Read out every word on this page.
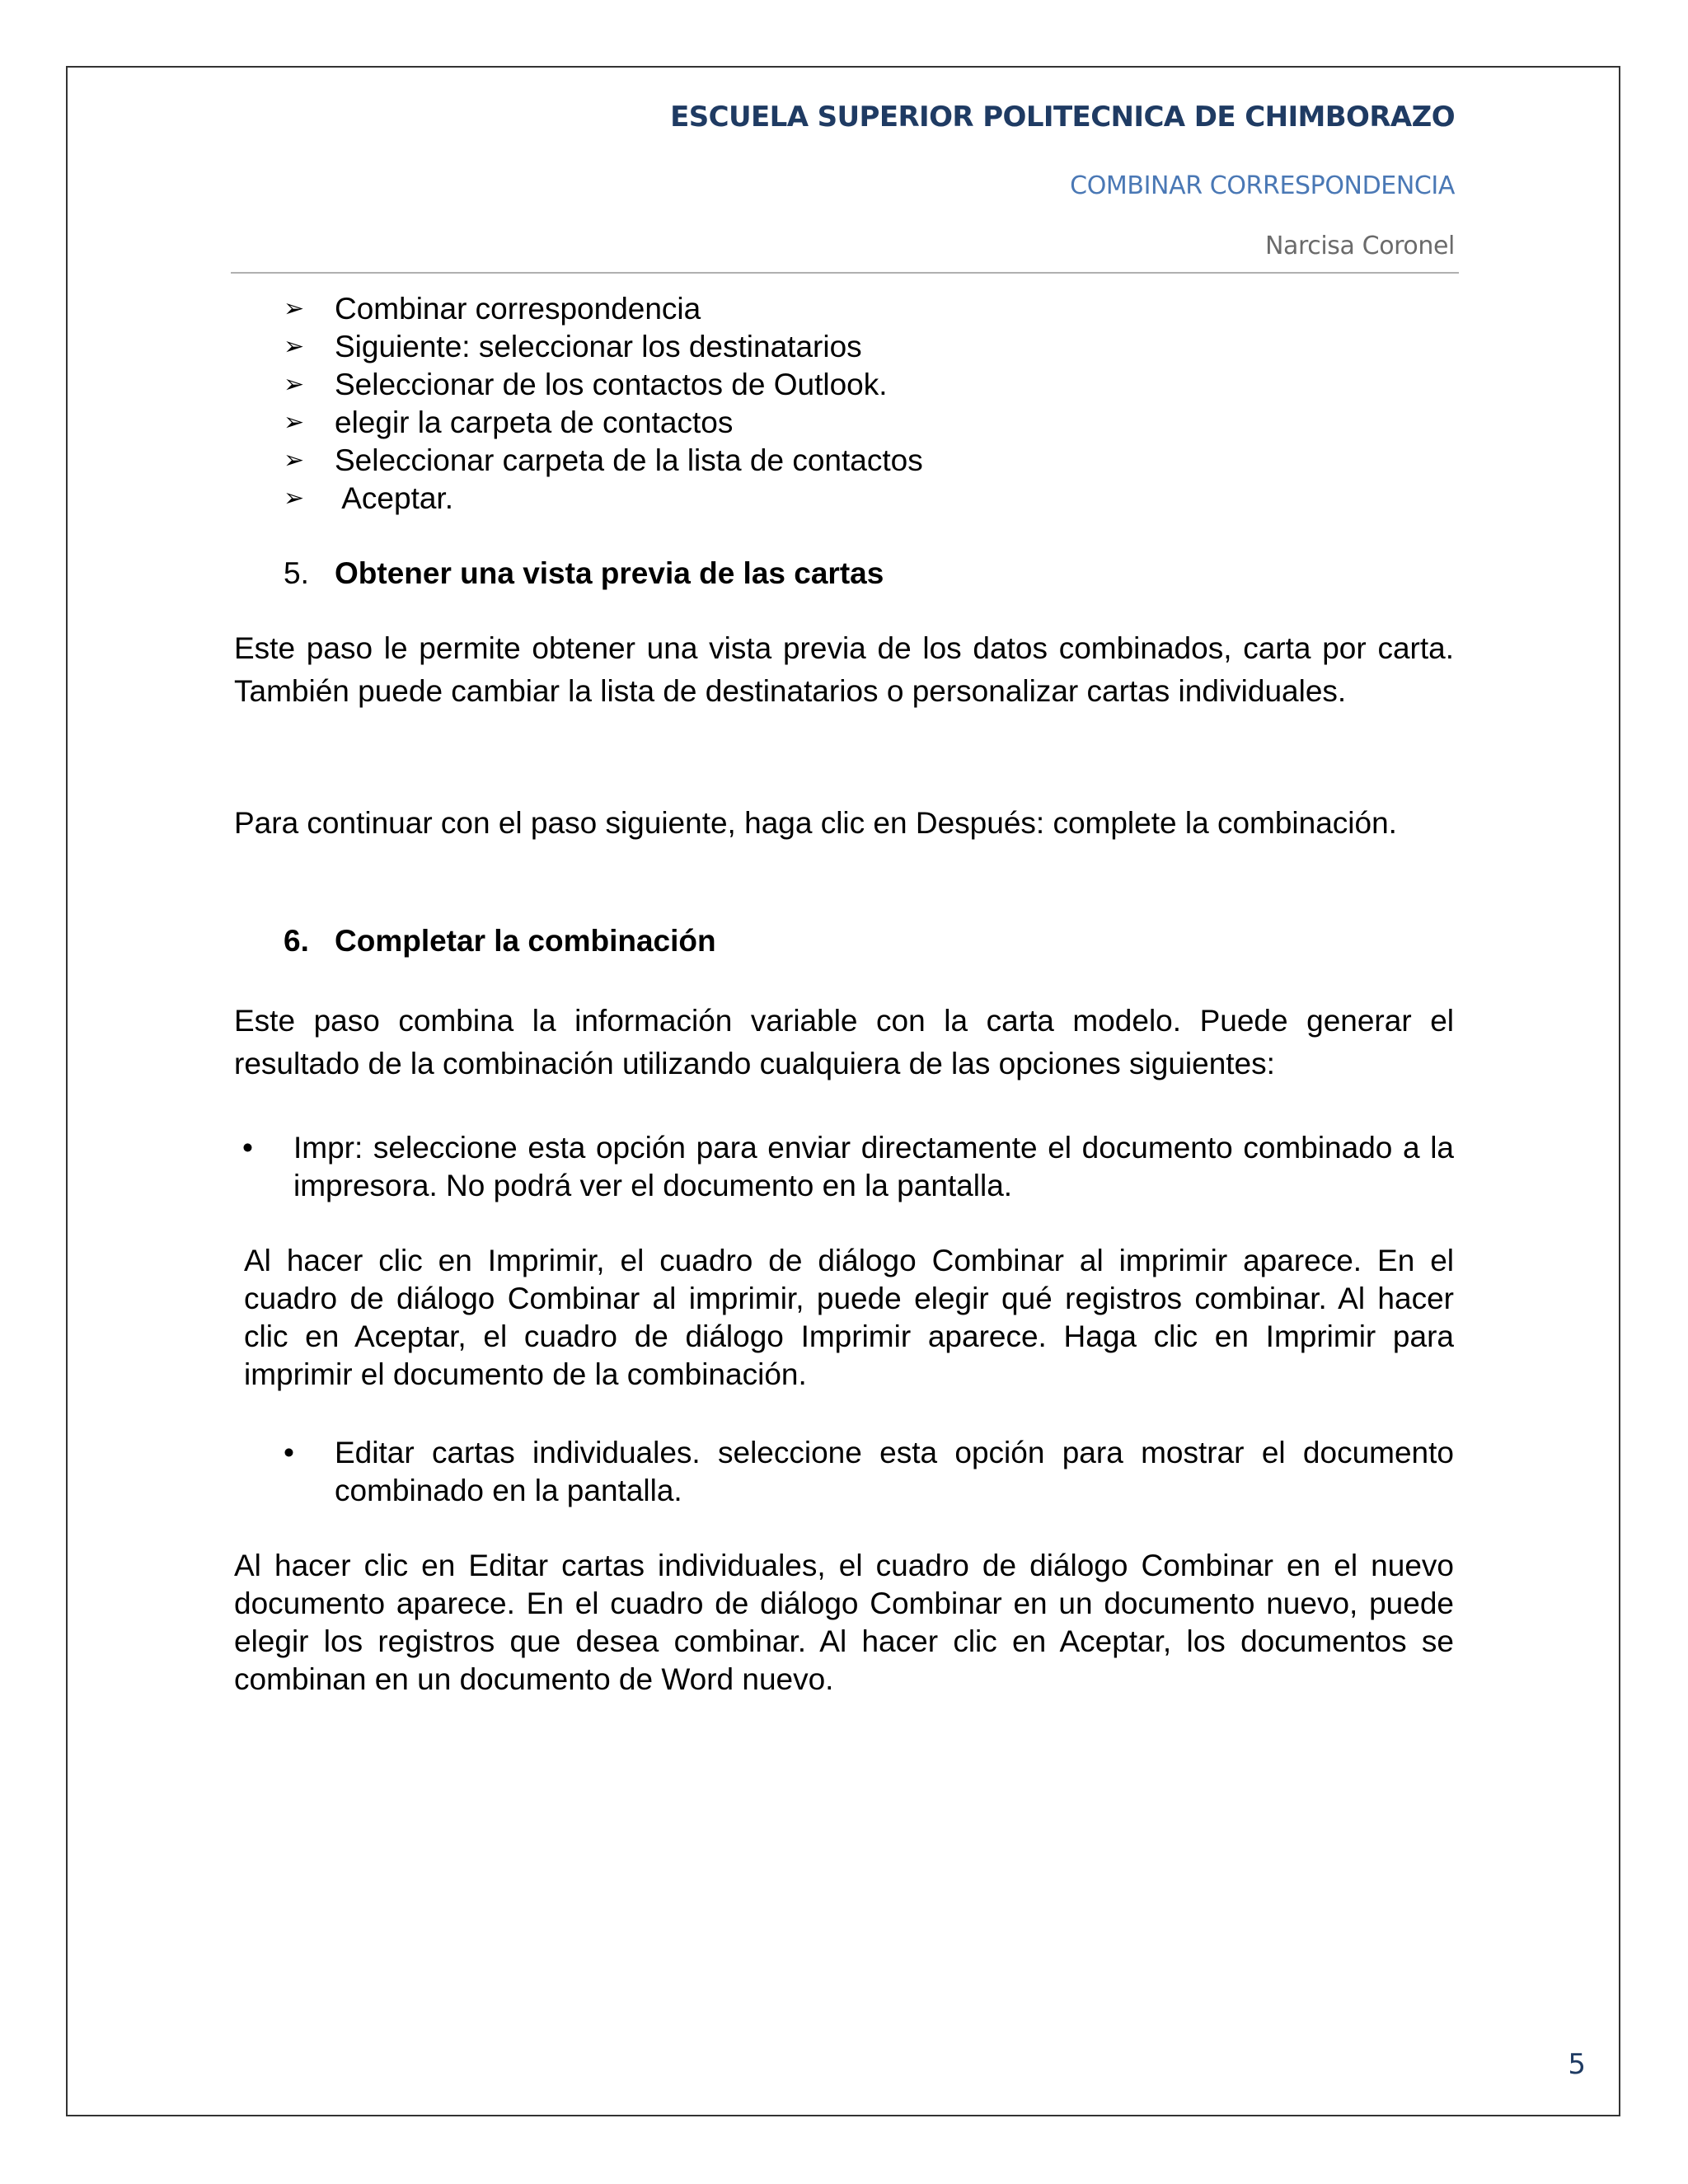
ESCUELA SUPERIOR POLITECNICA DE CHIMBORAZO
COMBINAR CORRESPONDENCIA
Narcisa Coronel
➢ Combinar correspondencia
➢ Siguiente: seleccionar los destinatarios
➢ Seleccionar de los contactos de Outlook.
➢ elegir la carpeta de contactos
➢ Seleccionar carpeta de la lista de contactos
➢ Aceptar.
5. Obtener una vista previa de las cartas

Este paso le permite obtener una vista previa de los datos combinados, carta por carta. También puede cambiar la lista de destinatarios o personalizar cartas individuales.

Para continuar con el paso siguiente, haga clic en Después: complete la combinación.

6. Completar la combinación

Este paso combina la información variable con la carta modelo. Puede generar el resultado de la combinación utilizando cualquiera de las opciones siguientes:

• Impr: seleccione esta opción para enviar directamente el documento combinado a la impresora. No podrá ver el documento en la pantalla.

Al hacer clic en Imprimir, el cuadro de diálogo Combinar al imprimir aparece. En el cuadro de diálogo Combinar al imprimir, puede elegir qué registros combinar. Al hacer clic en Aceptar, el cuadro de diálogo Imprimir aparece. Haga clic en Imprimir para imprimir el documento de la combinación.

• Editar cartas individuales. seleccione esta opción para mostrar el documento combinado en la pantalla.

Al hacer clic en Editar cartas individuales, el cuadro de diálogo Combinar en el nuevo documento aparece. En el cuadro de diálogo Combinar en un documento nuevo, puede elegir los registros que desea combinar. Al hacer clic en Aceptar, los documentos se combinan en un documento de Word nuevo.

5
